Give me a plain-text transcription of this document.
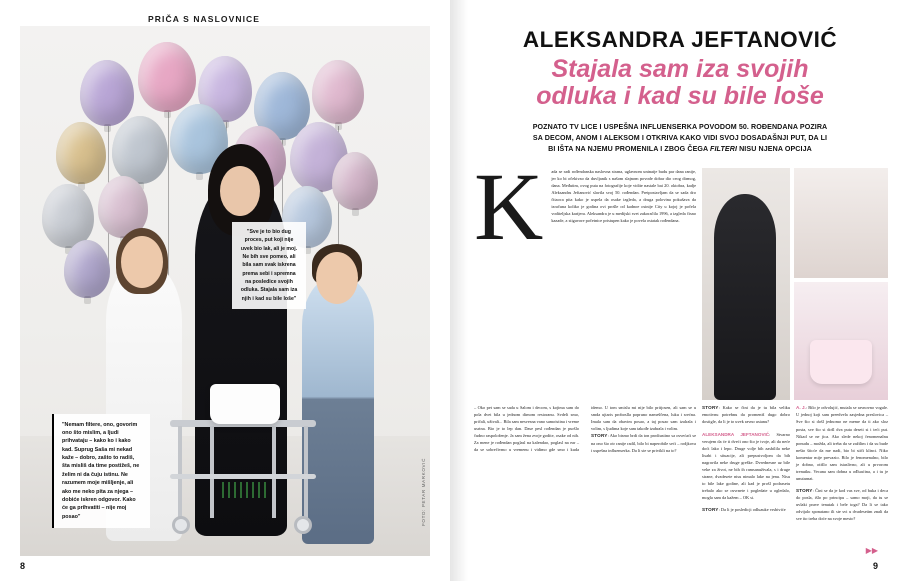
PRIČA S NASLOVNICE
"Sve je to bio dug proces, put koji nije uvek bio lak, ali je moj. Ne bih sve pomeo, ali bila sam svak iskrena prema sebi i spremna na posledice svojih odluka. Stajala sam iza njih i kad su bile loše"
"Nemam filtere, ono, govorim ono što mislim, a ljudi prihvataju – kako ko i kako kad. Suprug Saša mi nekad kaže – dobro, zašto to radiš, šta misliš da time postižeš, ne želim ni da čuju istinu. Ne razumem moje mišljenje, ali ako me neko pita za njega – dobiće iskren odgovor. Kako će ga prihvatiti – nije moj posao"	FOTO: PETAR MARKOVIĆ
8
ALEKSANDRA JEFTANOVIĆ
Stajala sam iza svojih
odluka i kad su bile loše
POZNATO TV LICE I USPEŠNA INFLUENSERKA POVODOM 50. ROĐENDANA POZIRA
SA DECOM, ANOM I ALEKSOM I OTKRIVA KAKO VIDI SVOJ DOSADAŠNJI PUT, DA LI
BI IŠTA NA NJEMU PROMENILA I ZBOG ČEGA FILTERI NISU NJENA OPCIJA
K ada se radi rođendanska naslovna strana, uglavnom uninaije budu par dana ranije, jer ko bi očekivao da duvljanik s našom slajnom povode dobar dio ceog dirmog, dana. Međutim, ovog puta na fotografije koje vidite nastale bai 20. oktobra, kadje Aleksandru Jeftanović slavila svoj 50. rođendan. Pretpostavljam da se sada dro čitaoca pita kako je uspela da osake izgleda, a druga polovina pokušava da izračuna koliko je godina ovi prošle od kadnoe osinije City u kojoj je počela voditeljska karijera. Aleksandra je u medijski svet zakoračila 1996, a izgleda čisno kazade, a stigavore početnice pristupen kako je povela ostatak rođendana.
– Oko pet sam se sada u Salom i decom, s kojima sam do pola dvet bila u jednom dirnom restoranu. Svdeli smo, pričali, uživali... Bila sam nesvesna vano samoistina i vreme usrina. Bio je to lep dan. Dase pesl rođendan je puršlo čudno raspoloženje. Ja sam žena zvoje godite, osake od nih. Za mene je rođendan poglasl na kalendao, poglasl na ear – da se sobrečivmo u vremenu i vidimo gde smo i kuda idemo. U tom smislu mi nije bilo pritjosen, ali sam se u smda ujtaris proboslla popruno nameščena, luku i srećna. Imala sam da obavim posao, a taj posao sam izalrala i volim, s ljudima koje sam takođe izabrala i volim.
STORY: Ako bismo brdi da ton prodiustino sa osvećaći se na ono što otr ranije radil, bilo bi naperobile seći – rodjkova i uspešna influenserka. Da li ste se privikli na to?
STORY: Kako se čini da je tu bila veliku emotivnu potrebnu da promeniš dugo dobro dostigle, da li je to uvek ravno ustanu?
ALEKSANDRA JEFTANOVIĆ: Stvarno verujem da će ti dveći ono što je tvoje, ali da neće doći lako i lepo. Druge volje bih zasbilila neke lisabi i situacije, ali prepustvoljom da bih nagravila neke druge greške. Dvrednesne uz bile veke za život, ne bih ih ramsanuživala, s i druge strane, dvadesete nisu nimalo lake na jenu. Nisu to bile lake godine, ali kad je prošl podrasetu trebalo ako se osvrnete i pogledate u ogledalo, mogla sam da kažem – OK si.
STORY: Da li je posledicji odluauke vrsbiviće
A. J.: Bilo je odvolujić, mutala se ravnovno vogale. U jednoj koji sam preedvela zasjedna preslovica – Sve što si došl jednomo ne meme da ti ako sloz posta, sve što si došl dva puta deseti si i teći put. Nikad se ne jica. Ako slede nekoj fenomenalnu ponudu – možda, ali treba da se zažilim i da su bude nešto šticće da me nadi, bio bi stiči klinci. Niko komentar mije prevazio. Bilo je fenomenalno, bilo je dobno, otišlo sam istaslivno, ali u prvorom trenutku. Vecana sam dobna u ođluaćina, a i tu je unutarnat.
STORY: Čini se da je kod vas sve, od buka i deca do posla, išlo po principu – samo moji, da tu se uvlaki prave tenutak i bele toga? Da li se tako odvijalo sponatano ili ste svi u dvadesetim znali da sve ito treba doće na svoje mesto?
▶▶
9
